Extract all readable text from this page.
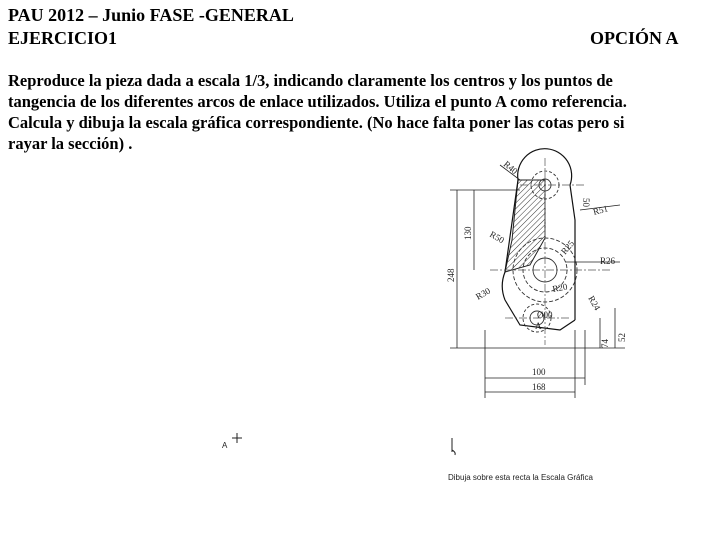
PAU 2012 – Junio FASE -GENERAL
EJERCICIO1	OPCIÓN A
Reproduce la pieza dada a escala 1/3, indicando claramente los centros y los puntos de
tangencia de los diferentes arcos de enlace utilizados. Utiliza el punto A como referencia.
Calcula y dibuja la escala gráfica correspondiente. (No hace falta poner las cotas pero si
rayar la sección) .
R40
R51
R50
R25
R26
R30	R20
R24
50
130
248
100
168
74
52
Ø00
A
A
Dibuja sobre esta recta la Escala Gráfica
